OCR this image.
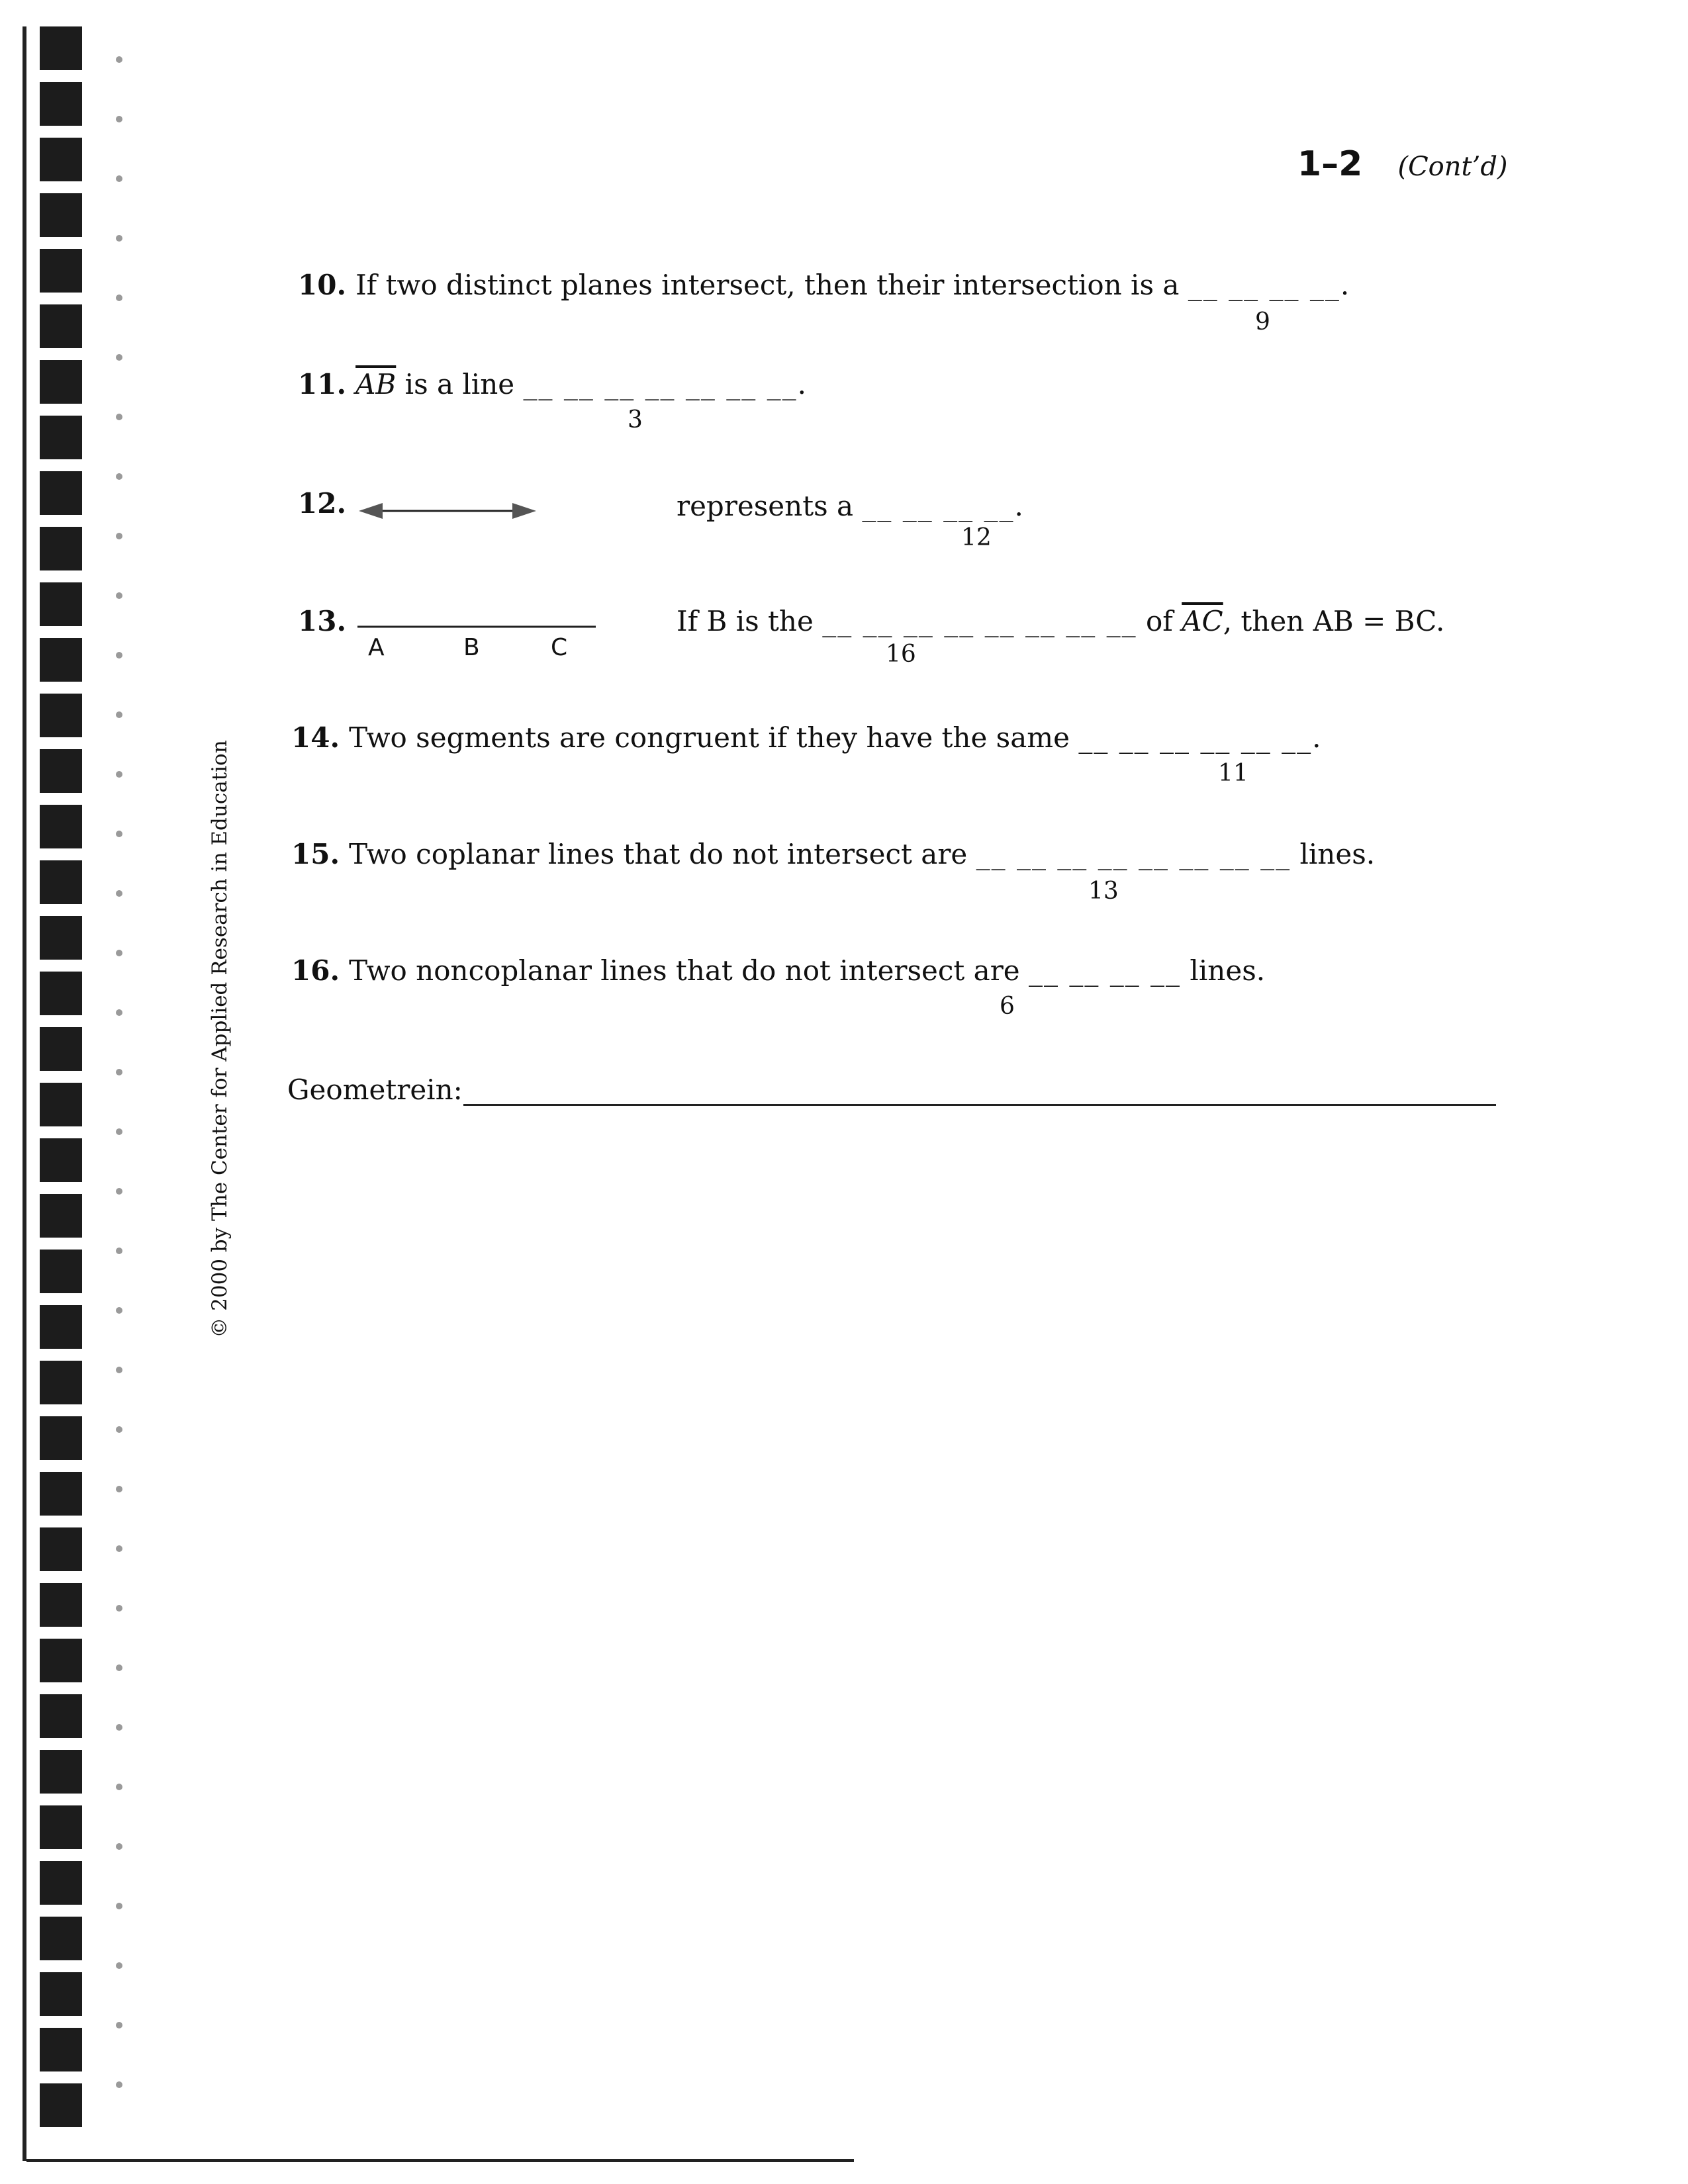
1–2 (Cont’d)
© 2000 by The Center for Applied Research in Education
10. If two distinct planes intersect, then their intersection is a __ __ __ __.
9
11. $\overline{AB}$ is a line __ __ __ __ __ __ __.
3
12.	represents a __ __ __ __.
12
13.
A	B	C
If B is the __ __ __ __ __ __ __ __ of $\overline{AC}$, then AB = BC.
16
14. Two segments are congruent if they have the same __ __ __ __ __ __.
11
15. Two coplanar lines that do not intersect are __ __ __ __ __ __ __ __ lines.
13
16. Two noncoplanar lines that do not intersect are __ __ __ __ lines.
6
Geometrein:
